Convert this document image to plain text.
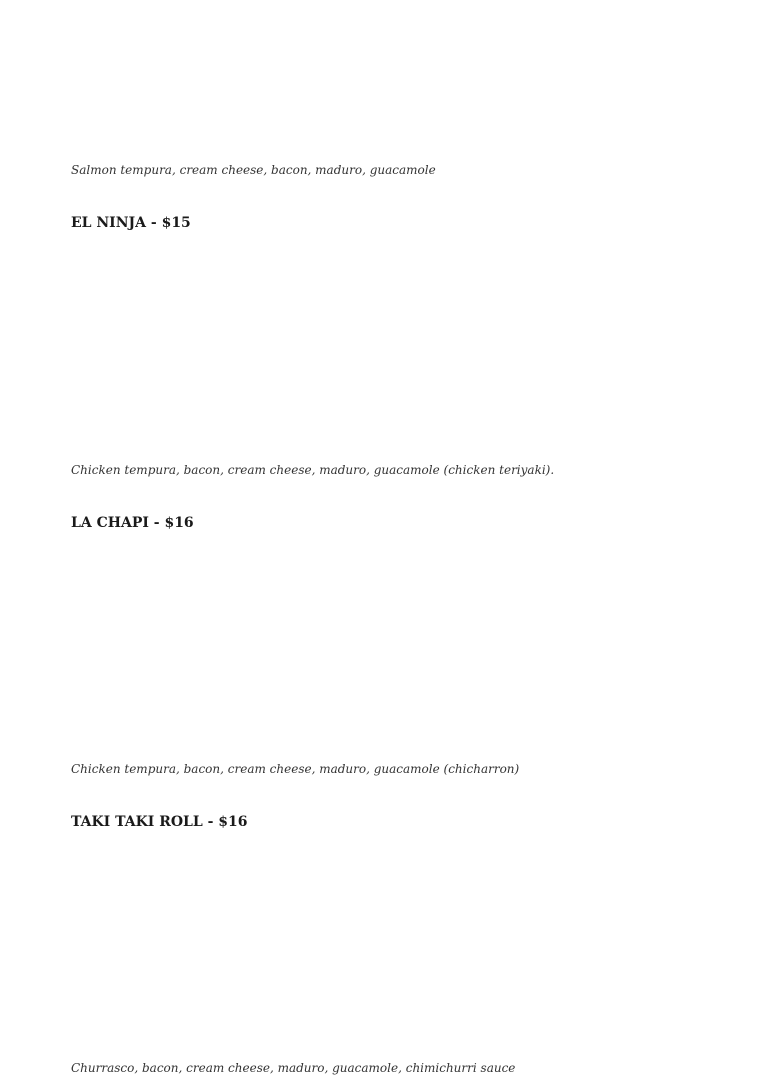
Salmon tempura, cream cheese, bacon, maduro, guacamole

EL NINJA - $15

Chicken tempura, bacon, cream cheese, maduro, guacamole (chicken teriyaki).

LA CHAPI - $16

Chicken tempura, bacon, cream cheese, maduro, guacamole (chicharron)

TAKI TAKI ROLL - $16

Churrasco, bacon, cream cheese, maduro, guacamole, chimichurri sauce
